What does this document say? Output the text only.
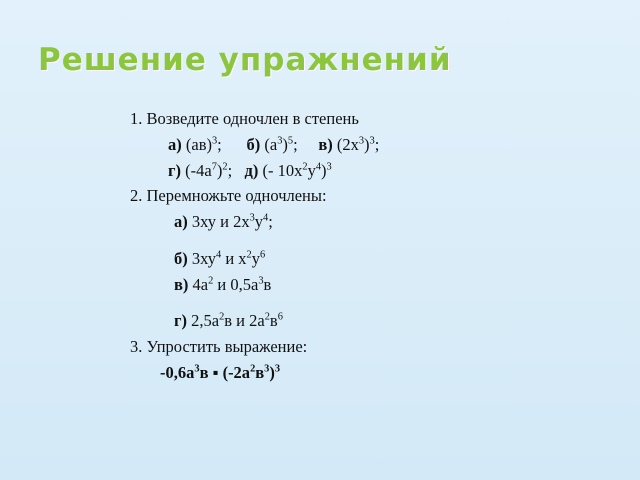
Решение упражнений

1. Возведите одночлен в степень

а) (ав)$^3$;      б) $(а^3)^5$;     в) $(2х^3)^3$;

г) $(-4а^7)^2$;   д) (- $10х^2у^4)^3$

2. Перемножьте одночлены:

а) 3ху и $2х^3у^4$;

б) $3ху^4$ и $х^2у^6$

в) $4а^2$ и $0,5а^3в$

г) $2,5а^2в$ и $2а^2в^6$

3. Упростить выражение:

$-0,6а^3в$ ▪ $(-2а^2в^3)^3$
